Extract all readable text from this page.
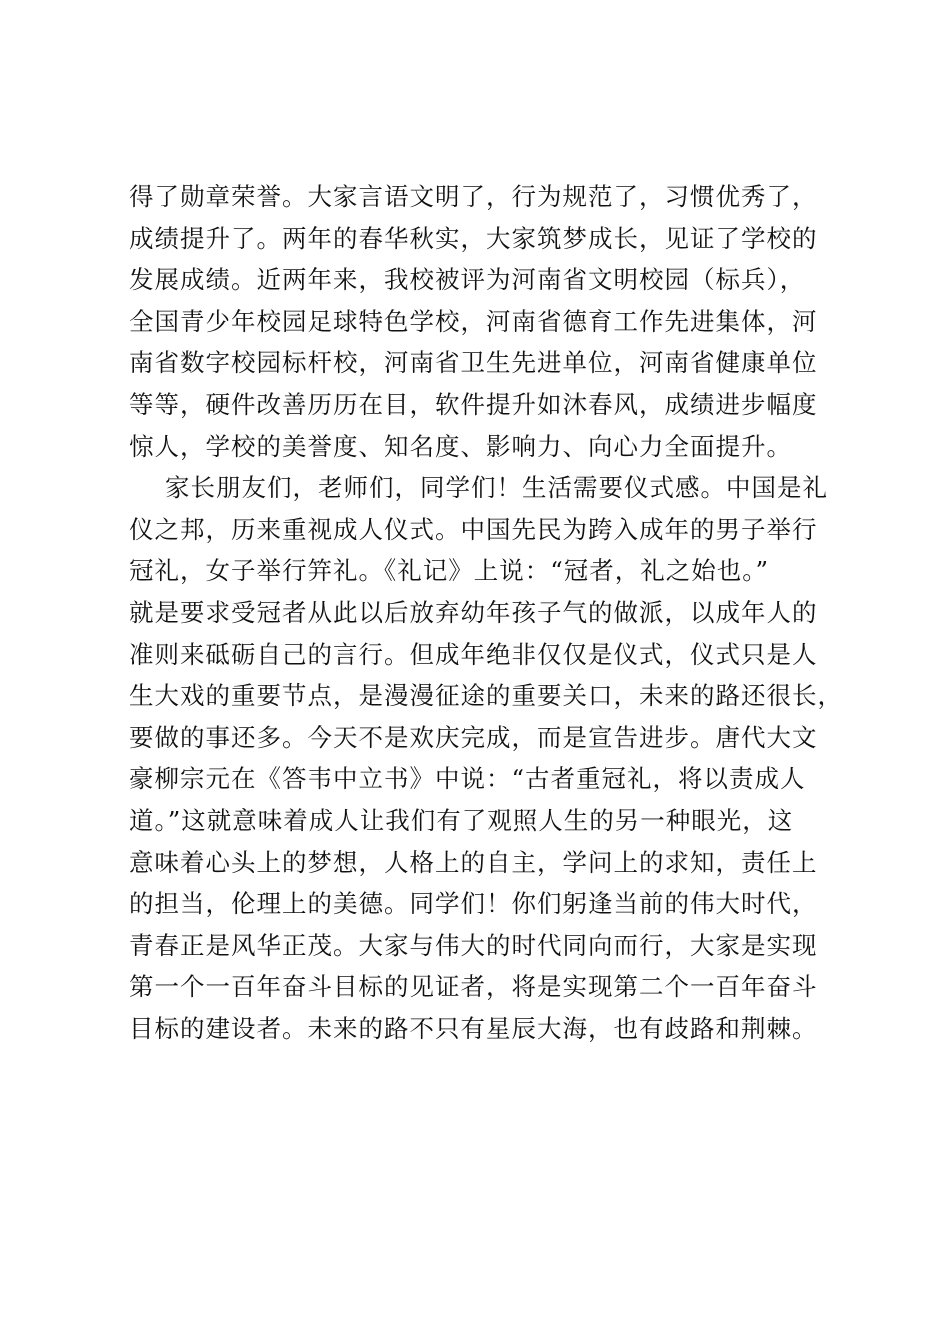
得了勋章荣誉。大家言语文明了，行为规范了，习惯优秀了，
成绩提升了。两年的春华秋实，大家筑梦成长，见证了学校的
发展成绩。近两年来，我校被评为河南省文明校园（标兵），
全国青少年校园足球特色学校，河南省德育工作先进集体，河
南省数字校园标杆校，河南省卫生先进单位，河南省健康单位
等等，硬件改善历历在目，软件提升如沐春风，成绩进步幅度
惊人，学校的美誉度、知名度、影响力、向心力全面提升。
家长朋友们，老师们，同学们！生活需要仪式感。中国是礼
仪之邦，历来重视成人仪式。中国先民为跨入成年的男子举行
冠礼，女子举行笄礼。《礼记》上说：“冠者，礼之始也。”
就是要求受冠者从此以后放弃幼年孩子气的做派，以成年人的
准则来砥砺自己的言行。但成年绝非仅仅是仪式，仪式只是人
生大戏的重要节点，是漫漫征途的重要关口，未来的路还很长，
要做的事还多。今天不是欢庆完成，而是宣告进步。唐代大文
豪柳宗元在《答韦中立书》中说：“古者重冠礼，将以责成人
道。”这就意味着成人让我们有了观照人生的另一种眼光，这
意味着心头上的梦想，人格上的自主，学问上的求知，责任上
的担当，伦理上的美德。同学们！你们躬逢当前的伟大时代，
青春正是风华正茂。大家与伟大的时代同向而行，大家是实现
第一个一百年奋斗目标的见证者，将是实现第二个一百年奋斗
目标的建设者。未来的路不只有星辰大海，也有歧路和荆棘。
